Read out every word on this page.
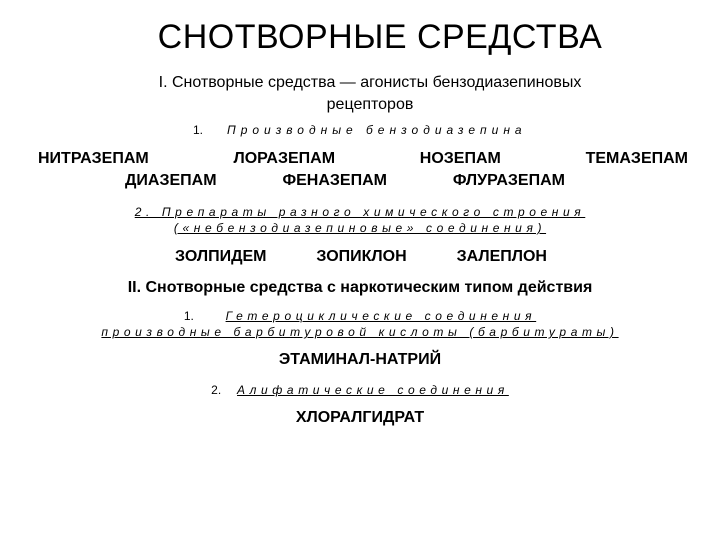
СНОТВОРНЫЕ СРЕДСТВА
I. Снотворные средства — агонисты бензодиазепиновых
рецепторов
1. Производные бензодиазепина
НИТРАЗЕПАМ	ЛОРАЗЕПАМ	НОЗЕПАМ	ТЕМАЗЕПАМ
ДИАЗЕПАМ	ФЕНАЗЕПАМ	ФЛУРАЗЕПАМ
2. Препараты разного химического строения
(«небензодиазепиновые» соединения)
ЗОЛПИДЕМ	ЗОПИКЛОН	ЗАЛЕПЛОН
II. Снотворные средства с наркотическим типом действия
1.	Гетероциклические соединения
производные барбитуровой кислоты (барбитураты)
ЭТАМИНАЛ-НАТРИЙ
2. Алифатические соединения
ХЛОРАЛГИДРАТ
